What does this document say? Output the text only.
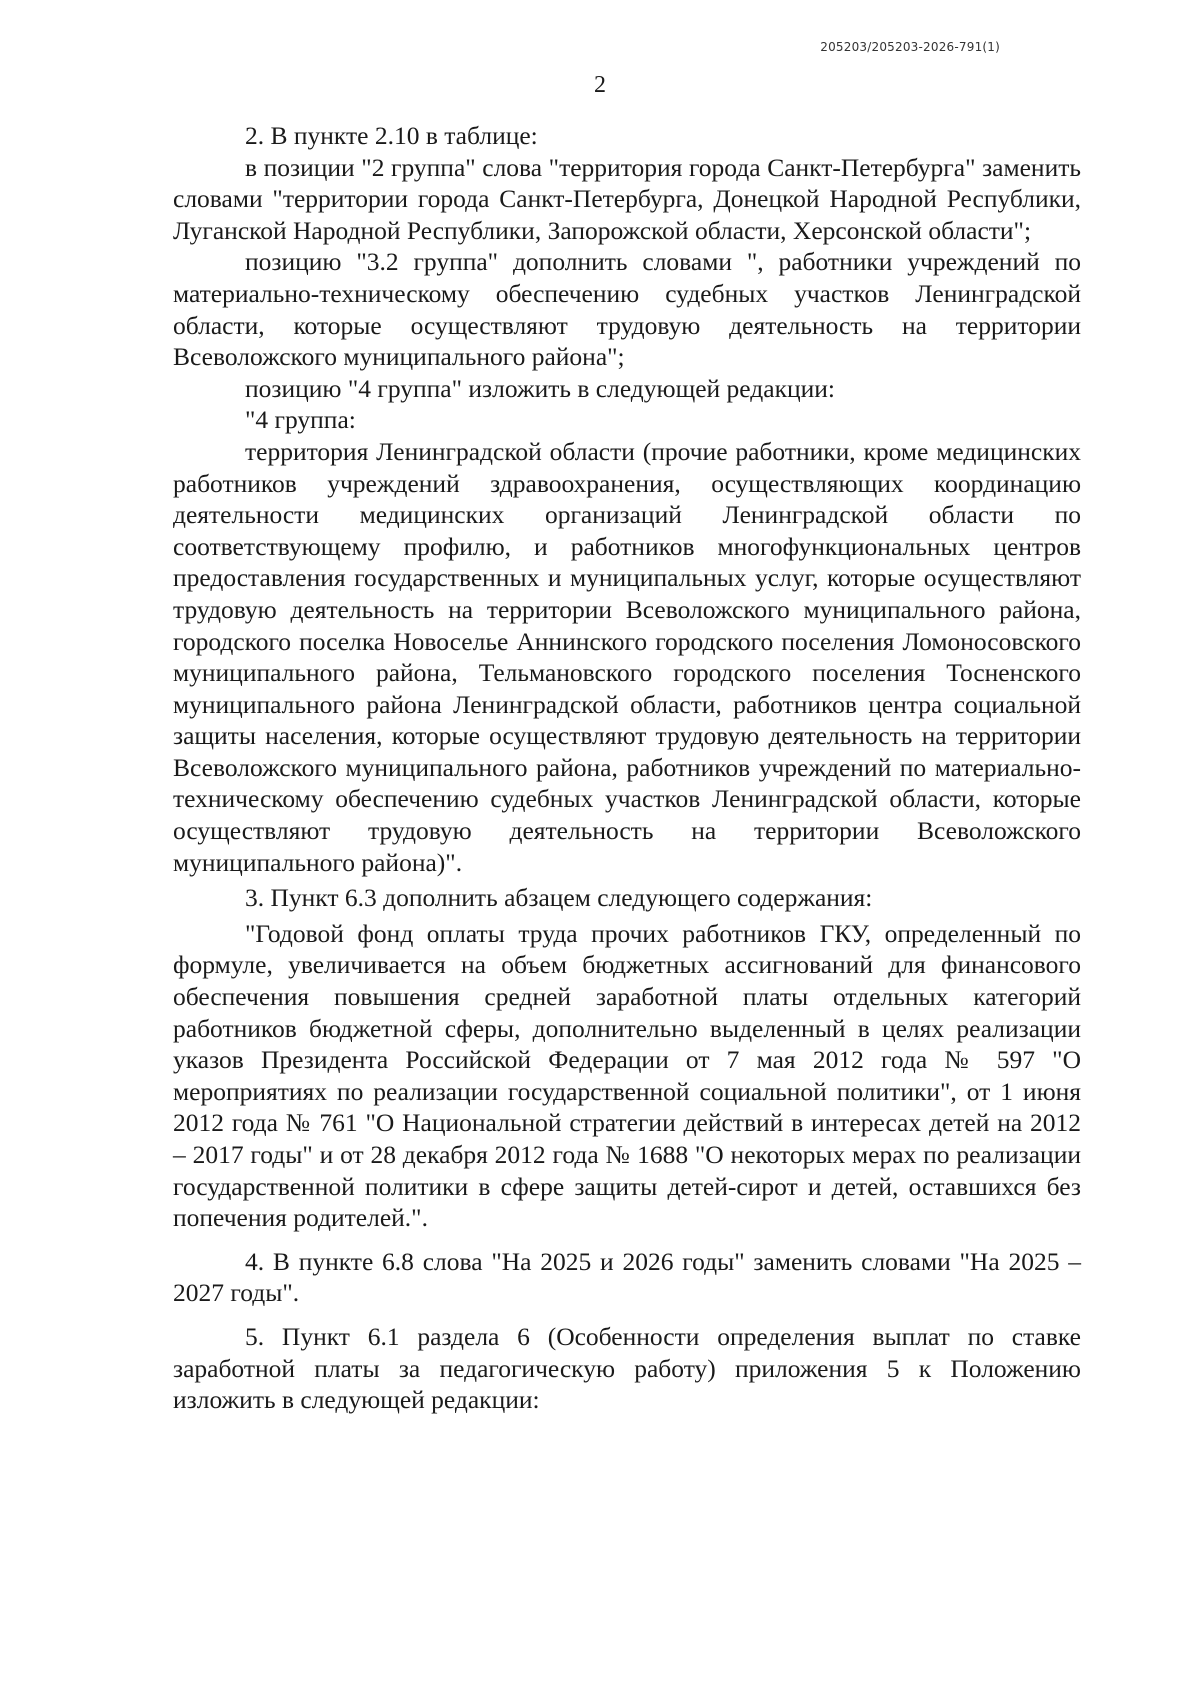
205203/205203-2026-791(1)
2

2. В пункте 2.10 в таблице:

в позиции "2 группа" слова "территория города Санкт-Петербурга" заменить словами "территории города Санкт-Петербурга, Донецкой Народной Республики, Луганской Народной Республики, Запорожской области, Херсонской области";

позицию "3.2 группа" дополнить словами ", работники учреждений по материально-техническому обеспечению судебных участков Ленинградской области, которые осуществляют трудовую деятельность на территории Всеволожского муниципального района";

позицию "4 группа" изложить в следующей редакции:

"4 группа:

территория Ленинградской области (прочие работники, кроме медицинских работников учреждений здравоохранения, осуществляющих координацию деятельности медицинских организаций Ленинградской области по соответствующему профилю, и работников многофункциональных центров предоставления государственных и муниципальных услуг, которые осуществляют трудовую деятельность на территории Всеволожского муниципального района, городского поселка Новоселье Аннинского городского поселения Ломоносовского муниципального района, Тельмановского городского поселения Тосненского муниципального района Ленинградской области, работников центра социальной защиты населения, которые осуществляют трудовую деятельность на территории Всеволожского муниципального района, работников учреждений по материально-техническому обеспечению судебных участков Ленинградской области, которые осуществляют трудовую деятельность на территории Всеволожского муниципального района)".

3. Пункт 6.3 дополнить абзацем следующего содержания:

"Годовой фонд оплаты труда прочих работников ГКУ, определенный по формуле, увеличивается на объем бюджетных ассигнований для финансового обеспечения повышения средней заработной платы отдельных категорий работников бюджетной сферы, дополнительно выделенный в целях реализации указов Президента Российской Федерации от 7 мая 2012 года № 597 "О мероприятиях по реализации государственной социальной политики", от 1 июня 2012 года № 761 "О Национальной стратегии действий в интересах детей на 2012 – 2017 годы" и от 28 декабря 2012 года № 1688 "О некоторых мерах по реализации государственной политики в сфере защиты детей-сирот и детей, оставшихся без попечения родителей.".

4. В пункте 6.8 слова "На 2025 и 2026 годы" заменить словами "На 2025 – 2027 годы".

5. Пункт 6.1 раздела 6 (Особенности определения выплат по ставке заработной платы за педагогическую работу) приложения 5 к Положению изложить в следующей редакции:
